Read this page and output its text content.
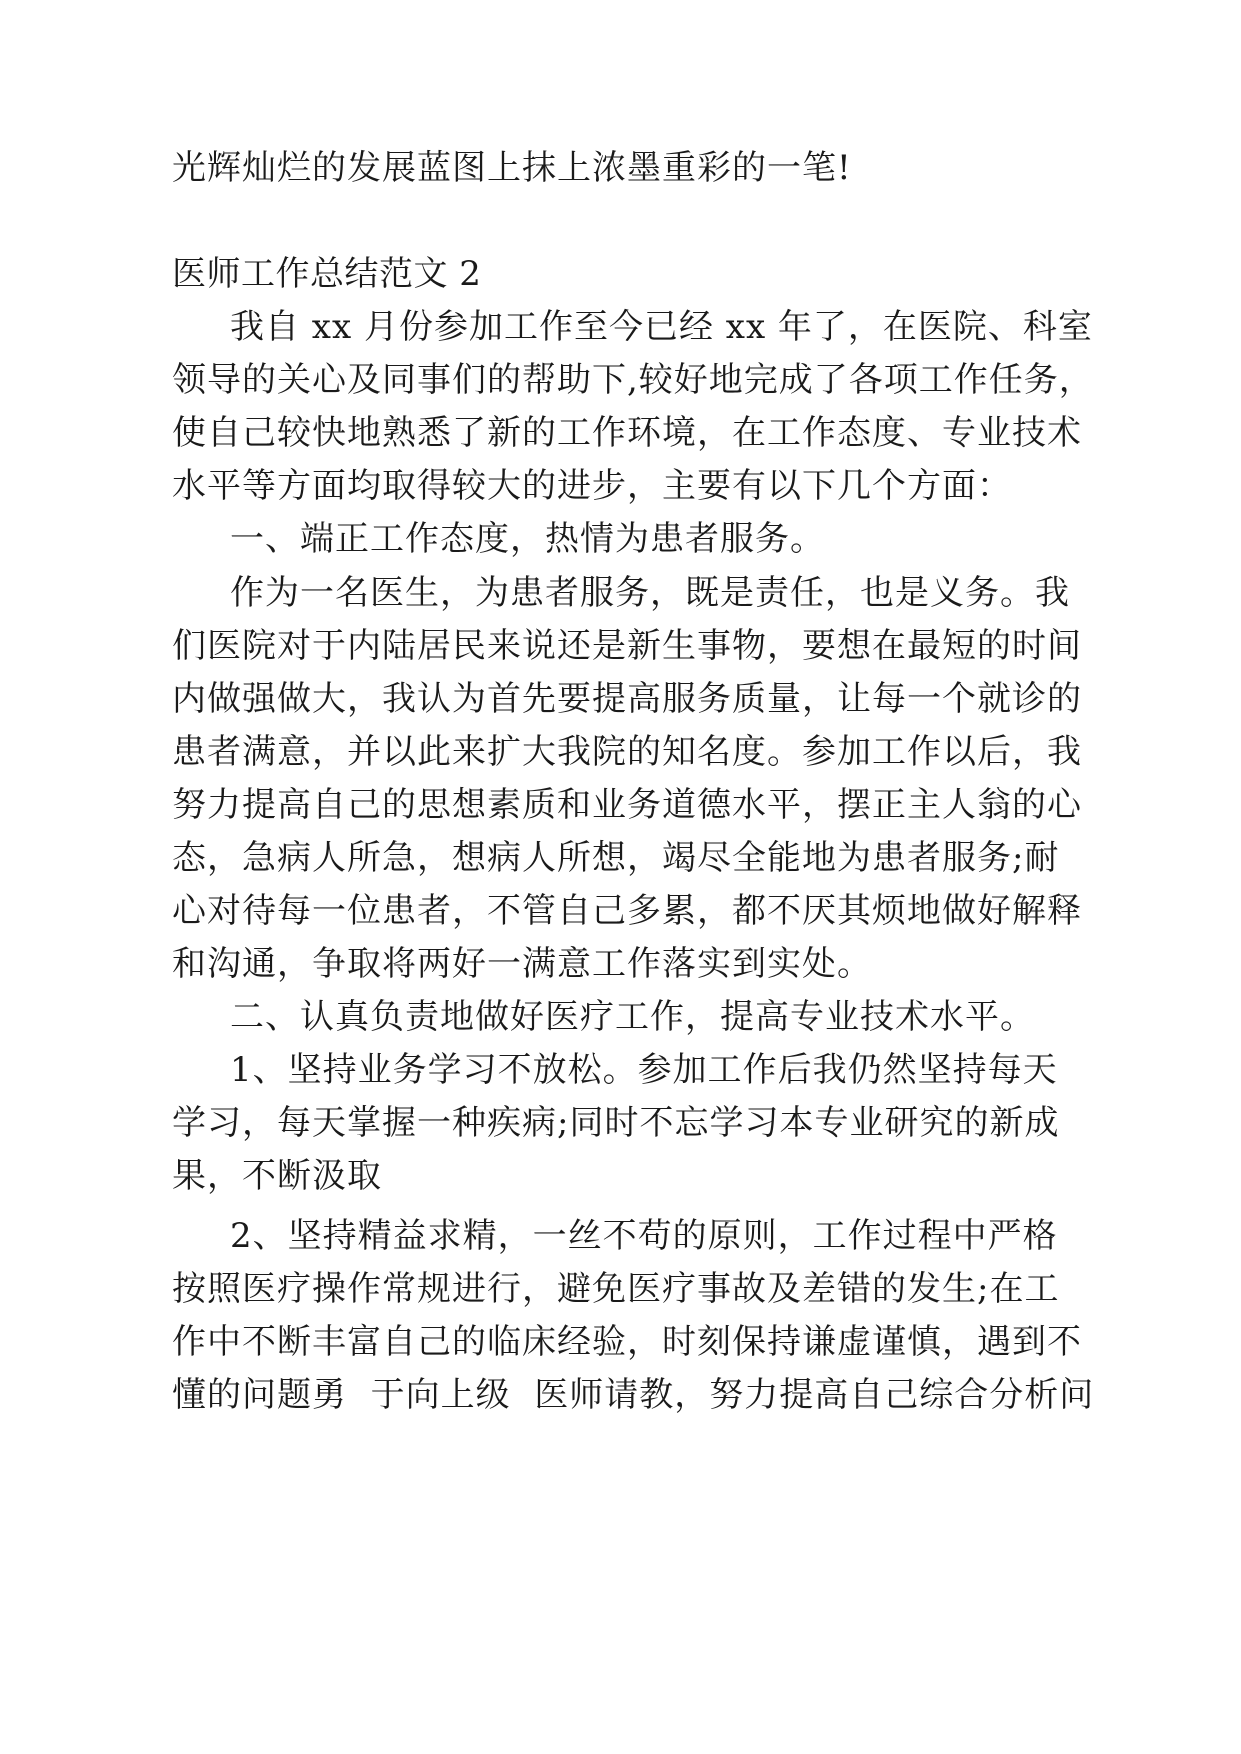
光辉灿烂的发展蓝图上抹上浓墨重彩的一笔!

医师工作总结范文 2

我自 xx 月份参加工作至今已经 xx 年了，在医院、科室

领导的关心及同事们的帮助下,较好地完成了各项工作任务，

使自己较快地熟悉了新的工作环境，在工作态度、专业技术

水平等方面均取得较大的进步，主要有以下几个方面：

一、端正工作态度，热情为患者服务。

作为一名医生，为患者服务，既是责任，也是义务。我

们医院对于内陆居民来说还是新生事物，要想在最短的时间

内做强做大，我认为首先要提高服务质量，让每一个就诊的

患者满意，并以此来扩大我院的知名度。参加工作以后，我

努力提高自己的思想素质和业务道德水平，摆正主人翁的心

态，急病人所急，想病人所想，竭尽全能地为患者服务;耐

心对待每一位患者，不管自己多累，都不厌其烦地做好解释

和沟通，争取将两好一满意工作落实到实处。

二、认真负责地做好医疗工作，提高专业技术水平。

1、坚持业务学习不放松。参加工作后我仍然坚持每天

学习，每天掌握一种疾病;同时不忘学习本专业研究的新成

果，不断汲取

2、坚持精益求精，一丝不苟的原则，工作过程中严格

按照医疗操作常规进行，避免医疗事故及差错的发生;在工

作中不断丰富自己的临床经验，时刻保持谦虚谨慎，遇到不

懂的问题勇  于向上级  医师请教，努力提高自己综合分析问
